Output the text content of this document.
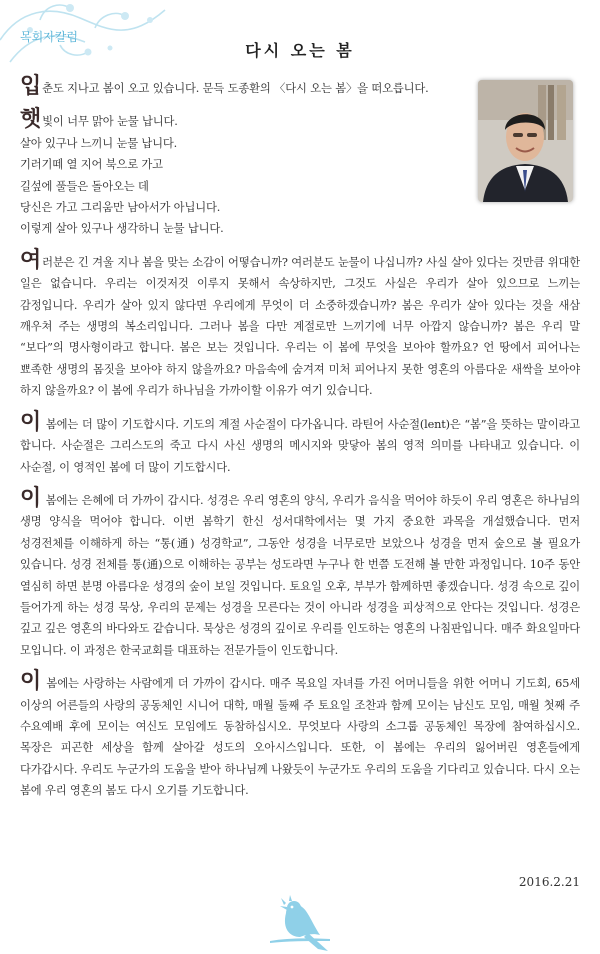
목회자칼럼
다시 오는 봄

입춘도 지나고 봄이 오고 있습니다. 문득 도종환의 〈다시 오는 봄〉을 떠오릅니다.

햇빛이 너무 맑아 눈물 납니다.
살아 있구나 느끼니 눈물 납니다.
기러기떼 열 지어 북으로 가고
길섶에 풀들은 돌아오는 데
당신은 가고 그리움만 남아서가 아닙니다.
이렇게 살아 있구나 생각하니 눈물 납니다.

여러분은 긴 겨울 지나 봄을 맞는 소감이 어떻습니까? 여러분도 눈물이 나십니까? 사실 살아 있다는 것만큼 위대한 일은 없습니다. 우리는 이것저것 이루지 못해서 속상하지만, 그것도 사실은 우리가 살아 있으므로 느끼는 감정입니다. 우리가 살아 있지 않다면 우리에게 무엇이 더 소중하겠습니까? 봄은 우리가 살아 있다는 것을 새삼 깨우쳐 주는 생명의 복소리입니다. 그러나 봄을 다만 계절로만 느끼기에 너무 아깝지 않습니까? 봄은 우리 말 “보다”의 명사형이라고 합니다. 봄은 보는 것입니다. 우리는 이 봄에 무엇을 보아야 할까요? 언 땅에서 피어나는 뾰족한 생명의 몸짓을 보아야 하지 않을까요? 마음속에 숨겨져 미처 피어나지 못한 영혼의 아름다운 새싹을 보아야 하지 않을까요? 이 봄에 우리가 하나님을 가까이할 이유가 여기 있습니다.

이 봄에는 더 많이 기도합시다. 기도의 계절 사순절이 다가옵니다. 라틴어 사순절(lent)은 “봄”을 뜻하는 말이라고 합니다. 사순절은 그리스도의 죽고 다시 사신 생명의 메시지와 맞닿아 봄의 영적 의미를 나타내고 있습니다. 이 사순절, 이 영적인 봄에 더 많이 기도합시다.

이 봄에는 은혜에 더 가까이 갑시다. 성경은 우리 영혼의 양식, 우리가 음식을 먹어야 하듯이 우리 영혼은 하나님의 생명 양식을 먹어야 합니다. 이번 봄학기 한신 성서대학에서는 몇 가지 중요한 과목을 개설했습니다. 먼저 성경전체를 이해하게 하는 “통(通) 성경학교”, 그동안 성경을 너무로만 보았으나 성경을 먼저 숲으로 볼 필요가 있습니다. 성경 전체를 통(通)으로 이해하는 공부는 성도라면 누구나 한 번쯤 도전해 볼 만한 과정입니다. 10주 동안 열심히 하면 분명 아름다운 성경의 숲이 보일 것입니다. 토요일 오후, 부부가 함께하면 좋겠습니다. 성경 속으로 깊이 들어가게 하는 성경 묵상, 우리의 문제는 성경을 모른다는 것이 아니라 성경을 피상적으로 안다는 것입니다. 성경은 깊고 깊은 영혼의 바다와도 같습니다. 묵상은 성경의 깊이로 우리를 인도하는 영혼의 나침판입니다. 매주 화요일마다 모입니다. 이 과정은 한국교회를 대표하는 전문가들이 인도합니다.

이 봄에는 사랑하는 사람에게 더 가까이 갑시다. 매주 목요일 자녀를 가진 어머니들을 위한 어머니 기도회, 65세 이상의 어른들의 사랑의 공동체인 시니어 대학, 매월 둘째 주 토요일 조찬과 함께 모이는 남신도 모임, 매월 첫째 주 수요예배 후에 모이는 여신도 모임에도 동참하십시오. 무엇보다 사랑의 소그룹 공동체인 목장에 참여하십시오. 목장은 피곤한 세상을 함께 살아갈 성도의 오아시스입니다. 또한, 이 봄에는 우리의 잃어버린 영혼들에게 다가갑시다. 우리도 누군가의 도움을 받아 하나님께 나왔듯이 누군가도 우리의 도움을 기다리고 있습니다. 다시 오는 봄에 우리 영혼의 봄도 다시 오기를 기도합니다.

2016.2.21
